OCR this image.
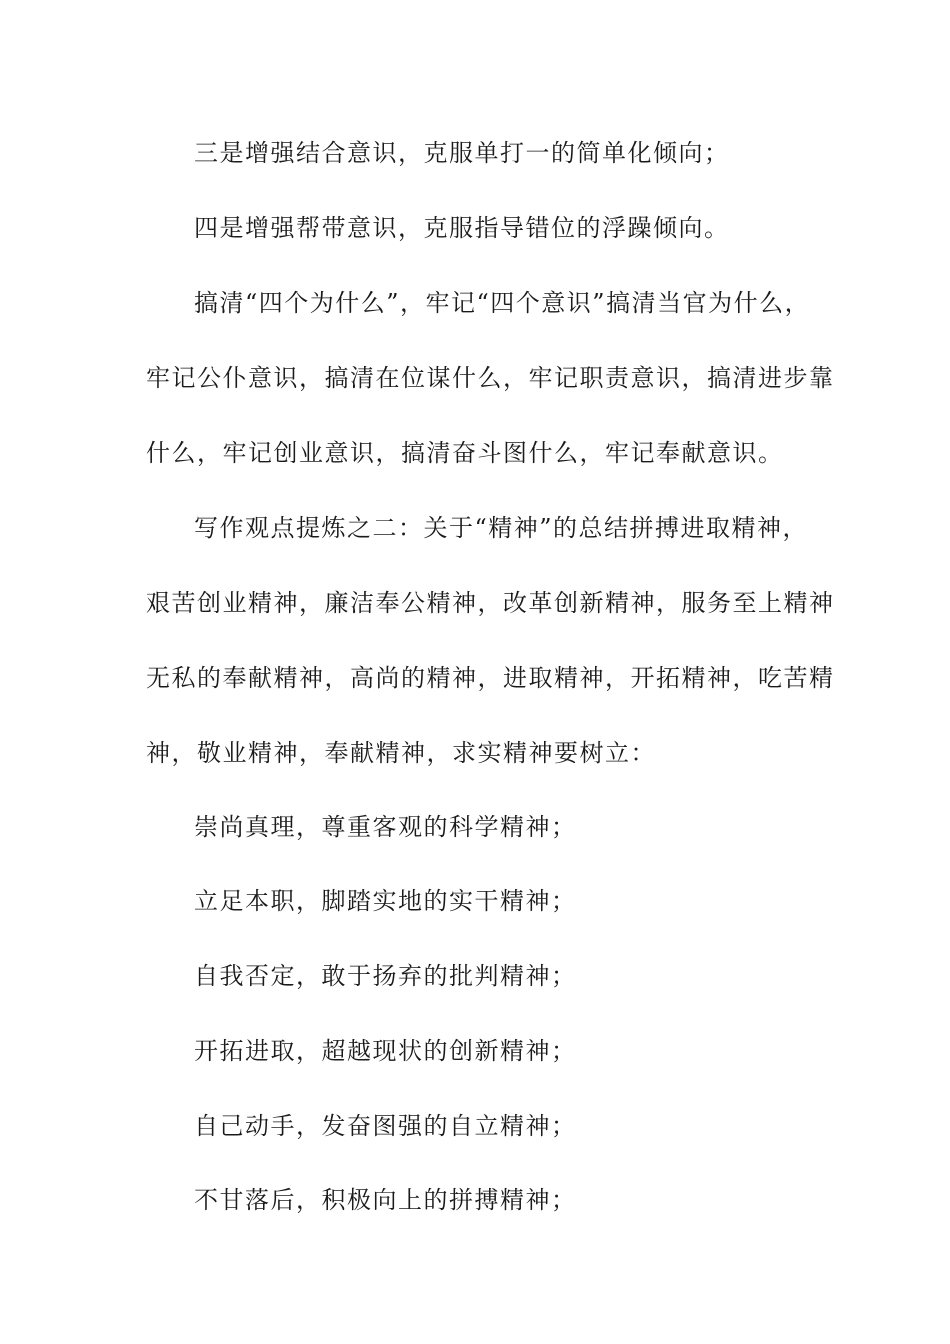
三是增强结合意识，克服单打一的简单化倾向；
四是增强帮带意识，克服指导错位的浮躁倾向。
搞清“四个为什么”，牢记“四个意识”搞清当官为什么，
牢记公仆意识，搞清在位谋什么，牢记职责意识，搞清进步靠
什么，牢记创业意识，搞清奋斗图什么，牢记奉献意识。
写作观点提炼之二：关于“精神”的总结拼搏进取精神，
艰苦创业精神，廉洁奉公精神，改革创新精神，服务至上精神
无私的奉献精神，高尚的精神，进取精神，开拓精神，吃苦精
神，敬业精神，奉献精神，求实精神要树立：
崇尚真理，尊重客观的科学精神；
立足本职，脚踏实地的实干精神；
自我否定，敢于扬弃的批判精神；
开拓进取，超越现状的创新精神；
自己动手，发奋图强的自立精神；
不甘落后，积极向上的拼搏精神；
